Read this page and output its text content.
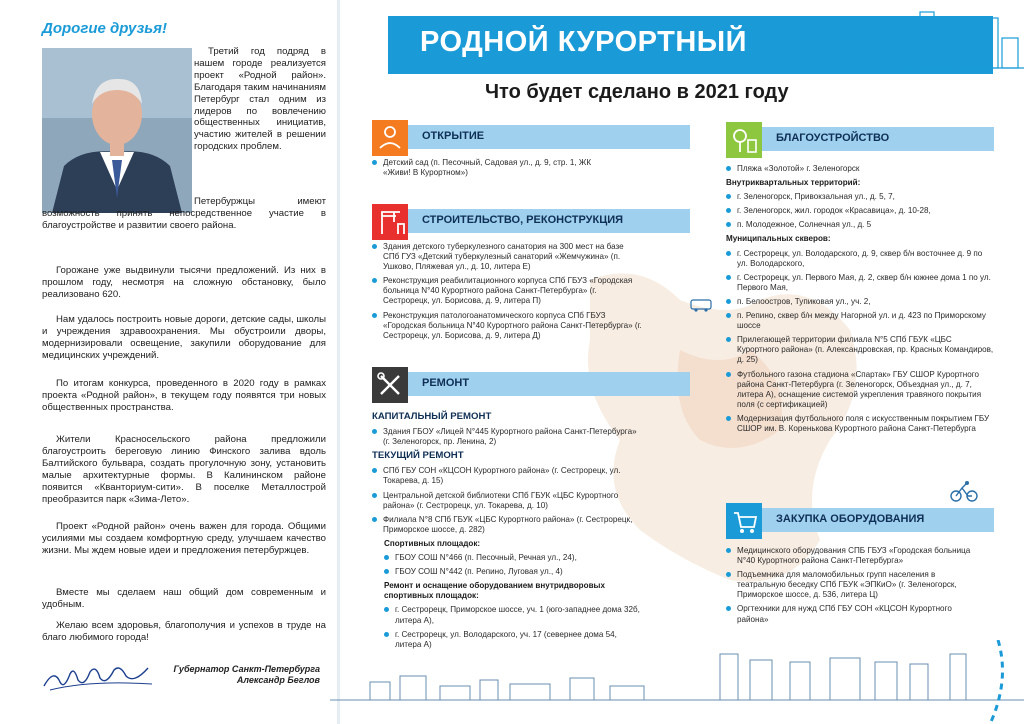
Дорогие друзья!

Третий год подряд в нашем городе реализуется проект «Родной район». Благодаря таким начинаниям Петербург стал одним из лидеров по вовлечению общественных инициатив, участию жителей в решении городских проблем.

Петербуржцы имеют возможность принять непосредственное участие в благоустройстве и развитии своего района.

Горожане уже выдвинули тысячи предложений. Из них в прошлом году, несмотря на сложную обстановку, было реализовано 620.

Нам удалось построить новые дороги, детские сады, школы и учреждения здравоохранения. Мы обустроили дворы, модернизировали освещение, закупили оборудование для медицинских учреждений.

По итогам конкурса, проведенного в 2020 году в рамках проекта «Родной район», в текущем году появятся три новых общественных пространства.

Жители Красносельского района предложили благоустроить береговую линию Финского залива вдоль Балтийского бульвара, создать прогулочную зону, установить малые архитектурные формы. В Калининском районе появится «Кванториум-сити». В поселке Металлострой преобразится парк «Зима-Лето».

Проект «Родной район» очень важен для города. Общими усилиями мы создаем комфортную среду, улучшаем качество жизни. Мы ждем новые идеи и предложения петербуржцев.

Вместе мы сделаем наш общий дом современным и удобным.

Желаю всем здоровья, благополучия и успехов в труде на благо любимого города!

Губернатор Санкт-Петербурга
Александр Беглов
РОДНОЙ КУРОРТНЫЙ
Что будет сделано в 2021 году
ОТКРЫТИЕ
Детский сад (п. Песочный, Садовая ул., д. 9, стр. 1, ЖК «Живи! В Курортном»)
СТРОИТЕЛЬСТВО, РЕКОНСТРУКЦИЯ
Здания детского туберкулезного санатория на 300 мест на базе СПб ГУЗ «Детский туберкулезный санаторий «Жемчужина» (п. Ушково, Пляжевая ул., д. 10, литера Е)
Реконструкция реабилитационного корпуса СПб ГБУЗ «Городская больница N°40 Курортного района Санкт-Петербурга» (г. Сестрорецк, ул. Борисова, д. 9, литера П)
Реконструкция патологоанатомического корпуса СПб ГБУЗ «Городская больница N°40 Курортного района Санкт-Петербурга» (г. Сестрорецк, ул. Борисова, д. 9, литера Д)
РЕМОНТ
КАПИТАЛЬНЫЙ РЕМОНТ
Здания ГБОУ «Лицей N°445 Курортного района Санкт-Петербурга» (г. Зеленогорск, пр. Ленина, 2)
ТЕКУЩИЙ РЕМОНТ
СПб ГБУ СОН «КЦСОН Курортного района» (г. Сестрорецк, ул. Токарева, д. 15)
Центральной детской библиотеки СПб ГБУК «ЦБС Курортного района» (г. Сестрорецк, ул. Токарева, д. 10)
Филиала N°8 СПб ГБУК «ЦБС Курортного района» (г. Сестрорецк, Приморское шоссе, д. 282)
Спортивных площадок:
ГБОУ СОШ N°466 (п. Песочный, Речная ул., 24),
ГБОУ СОШ N°442 (п. Репино, Луговая ул., 4)
Ремонт и оснащение оборудованием внутридворовых спортивных площадок:
г. Сестрорецк, Приморское шоссе, уч. 1 (юго-западнее дома 32б, литера А),
г. Сестрорецк, ул. Володарского, уч. 17 (севернее дома 54, литера А)
БЛАГОУСТРОЙСТВО
Пляжа «Золотой» г. Зеленогорск
Внутриквартальных территорий:
г. Зеленогорск, Привокзальная ул., д. 5, 7,
г. Зеленогорск, жил. городок «Красавица», д. 10-28,
п. Молодежное, Солнечная ул., д. 5
Муниципальных скверов:
г. Сестрорецк, ул. Володарского, д. 9, сквер б/н восточнее д. 9 по ул. Володарского,
г. Сестрорецк, ул. Первого Мая, д. 2, сквер б/н южнее дома 1 по ул. Первого Мая,
п. Белоостров, Тупиковая ул., уч. 2,
п. Репино, сквер б/н между Нагорной ул. и д. 423 по Приморскому шоссе
Прилегающей территории филиала N°5 СПб ГБУК «ЦБС Курортного района» (п. Александровская, пр. Красных Командиров, д. 25)
Футбольного газона стадиона «Спартак» ГБУ СШОР Курортного района Санкт-Петербурга (г. Зеленогорск, Объездная ул., д. 7, литера А), оснащение системой укрепления травяного покрытия поля (с сертификацией)
Модернизация футбольного поля с искусственным покрытием ГБУ СШОР им. В. Коренькова Курортного района Санкт-Петербурга
ЗАКУПКА ОБОРУДОВАНИЯ
Медицинского оборудования СПБ ГБУЗ «Городская больница N°40 Курортного района Санкт-Петербурга»
Подъемника для маломобильных групп населения в театральную беседку СПб ГБУК «ЭПКиО» (г. Зеленогорск, Приморское шоссе, д. 536, литера Ц)
Оргтехники для нужд СПб ГБУ СОН «КЦСОН Курортного района»
